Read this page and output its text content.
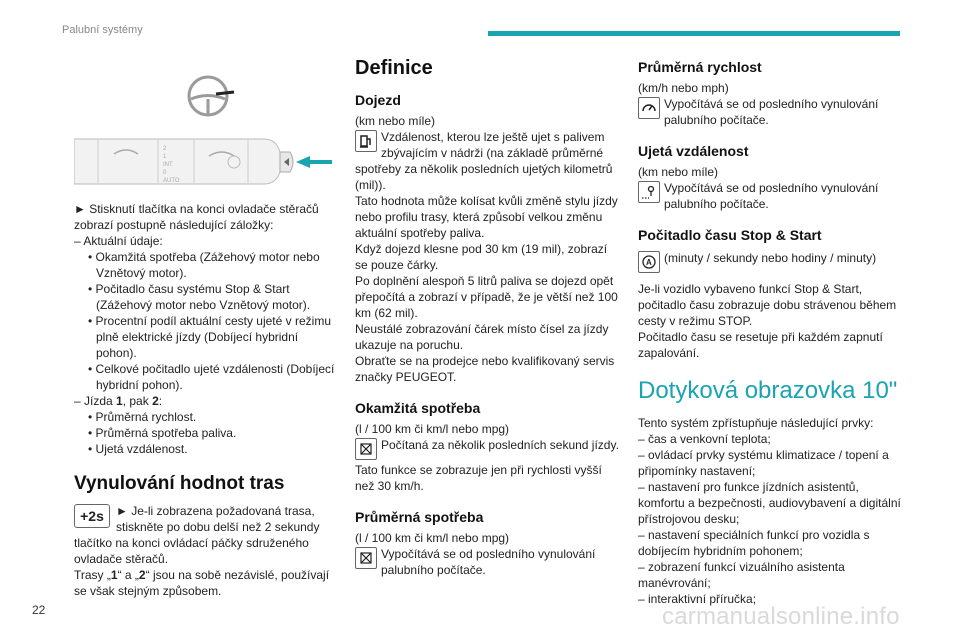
Palubní systémy
2
1
INT
0
AUTO
► Stisknutí tlačítka na konci ovladače stěračů zobrazí postupně následující záložky:
– Aktuální údaje:
• Okamžitá spotřeba (Zážehový motor nebo Vznětový motor).
• Počitadlo času systému Stop & Start (Zážehový motor nebo Vznětový motor).
• Procentní podíl aktuální cesty ujeté v režimu plně elektrické jízdy (Dobíjecí hybridní pohon).
• Celkové počitadlo ujeté vzdálenosti (Dobíjecí hybridní pohon).
– Jízda 1, pak 2:
• Průměrná rychlost.
• Průměrná spotřeba paliva.
• Ujetá vzdálenost.
Vynulování hodnot tras
+2s	► Je-li zobrazena požadovaná trasa, stiskněte po dobu delší než 2 sekundy tlačítko na konci ovládací páčky sdruženého ovladače stěračů.
Trasy „1“ a „2“ jsou na sobě nezávislé, používají se však stejným způsobem.
Definice
Dojezd
(km nebo míle)
Vzdálenost, kterou lze ještě ujet s palivem zbývajícím v nádrži (na základě průměrné spotřeby za několik posledních ujetých kilometrů (mil)).
Tato hodnota může kolísat kvůli změně stylu jízdy nebo profilu trasy, která způsobí velkou změnu aktuální spotřeby paliva.
Když dojezd klesne pod 30 km (19 mil), zobrazí se pouze čárky.
Po doplnění alespoň 5 litrů paliva se dojezd opět přepočítá a zobrazí v případě, že je větší než 100 km (62 mil).
Neustálé zobrazování čárek místo čísel za jízdy ukazuje na poruchu.
Obraťte se na prodejce nebo kvalifikovaný servis značky PEUGEOT.
Okamžitá spotřeba
(l / 100 km či km/l nebo mpg)
Počítaná za několik posledních sekund jízdy.
Tato funkce se zobrazuje jen při rychlosti vyšší než 30 km/h.
Průměrná spotřeba
(l / 100 km či km/l nebo mpg)
Vypočítává se od posledního vynulování palubního počítače.
Průměrná rychlost
(km/h nebo mph)
Vypočítává se od posledního vynulování palubního počítače.
Ujetá vzdálenost
(km nebo míle)
Vypočítává se od posledního vynulování palubního počítače.
Počitadlo času Stop & Start
A	(minuty / sekundy nebo hodiny / minuty)
Je-li vozidlo vybaveno funkcí Stop & Start, počitadlo času zobrazuje dobu strávenou během cesty v režimu STOP.
Počitadlo času se resetuje při každém zapnutí zapalování.
Dotyková obrazovka 10"
Tento systém zpřístupňuje následující prvky:
– čas a venkovní teplota;
– ovládací prvky systému klimatizace / topení a připomínky nastavení;
– nastavení pro funkce jízdních asistentů, komfortu a bezpečnosti, audiovybavení a digitální přístrojovou desku;
– nastavení speciálních funkcí pro vozidla s dobíjecím hybridním pohonem;
– zobrazení funkcí vizuálního asistenta manévrování;
– interaktivní příručka;
22	carmanualsonline.info
